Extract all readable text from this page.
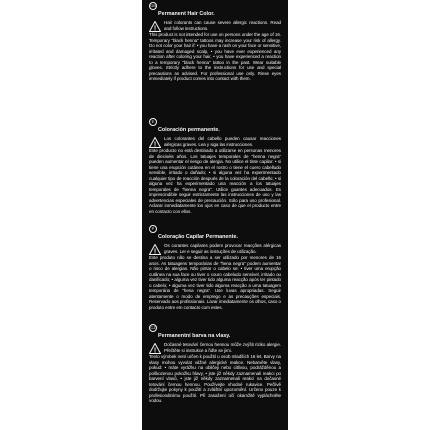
GB
Permanent Hair Color.
!

Hair colorants can cause severe allergic reactions. Read and follow instructions.

This product is not intended for use on persons under the age of 16. Temporary "black henna" tattoos may increase your risk of allergy. Do not color your hair if: • you have a rash on your face or sensitive, irritated and damaged scalp, • you have ever experienced any reaction after coloring your hair, • you have experienced a reaction to a temporary "black henna" tattoo in the past. Wear suitable gloves. Strictly adhere to the instructions for use and special precautions as advised. For professional use only. Rinse eyes immediately if product comes into contact with them.

E
Coloración permanente.
!

Los colorantes del cabello pueden causar reacciones alérgicas graves. Lea y siga las instrucciones.

Este producto no está destinado a utilizarse en personas menores de dieciséis años. Los tatuajes temporales de "henna negra" pueden aumentar el riesgo de alergia. No utilice el tinte capilar: • si tiene una erupción cutánea en el rostro o tiene el cuero cabelludo sensible, irritado o dañado; • si alguna vez ha experimentado cualquier tipo de reacción después de la coloración del cabello; • si alguna vez ha experimentado una reacción a los tatuajes temporales de "henna negra". Utilice guantes adecuados. Es imprescindible seguir estrictamente las instrucciones de uso y las advertencias especiales de precaución. Sólo para uso profesional. Aclarar inmediatamente los ojos en caso de que el producto entre en contacto con ellos.

P
Coloração Capilar Permanente.
!

Os corantes capilares podem provocar reacções alérgicas graves. Ler e seguir as instruções de utilização.

Este produto não se destina a ser utilizado por menores de 16 anos. As tatuagens temporárias de "hena negra" podem aumentar o risco de alergias. Não pintar o cabelo se: • tiver uma erupção cutânea na sua face ou tiver o couro cabeludo sensível, irritado ou danificado; • alguma vez tiver tido alguma reacção após ter pintado o cabelo; • alguma vez tiver tido alguma reacção a uma tatuagem temporária de "hena negra". Use luvas apropriadas. Seguir atentamente o modo de emprego e as precauções especiais. Reservado aos profissionais. Lavar imediatamente os olhos, caso o produto entre em contacto com estes.

CZ
Permanentní barva na vlasy.
!

Dočasné tetování černou hennou může zvýšit riziko alergie. Přečtěte si instrukce a řiďte se jimi.

Tento výrobek není určen k použití u osob mladších 16 let. Barvy na vlasy mohou vyvolat vážné alergické reakce. Nebarvěte vlasy, pokud: • máte vyrážku na obličeji nebo citlivou, podrážděnou a poškozenou pokožku hlavy, • jste již někdy zaznamenali reakci po barvení vlasů, • jste již někdy zaznamenali reakci na dočasné tetování černou hennou. Používejte vhodné rukavice. Pečlivě dodržujte pokyny k použití a zvláštní upozornění. Určeno pouze k profesionálnímu použití. Při zasažení očí okamžitě vypláchněte vodou.
